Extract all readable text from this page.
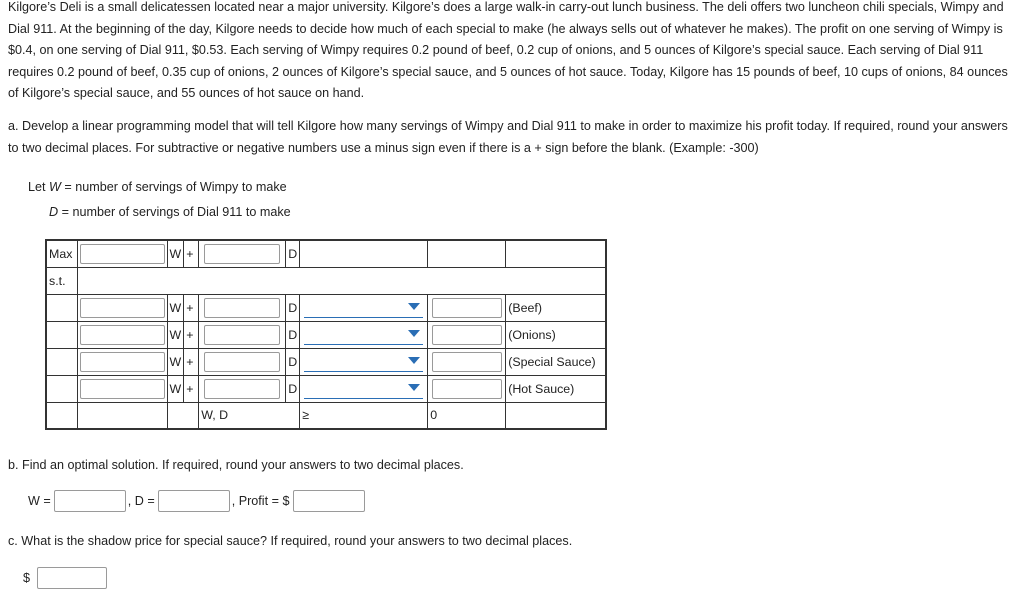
Kilgore’s Deli is a small delicatessen located near a major university. Kilgore’s does a large walk-in carry-out lunch business. The deli offers two luncheon chili specials, Wimpy and Dial 911. At the beginning of the day, Kilgore needs to decide how much of each special to make (he always sells out of whatever he makes). The profit on one serving of Wimpy is $0.4, on one serving of Dial 911, $0.53. Each serving of Wimpy requires 0.2 pound of beef, 0.2 cup of onions, and 5 ounces of Kilgore’s special sauce. Each serving of Dial 911 requires 0.2 pound of beef, 0.35 cup of onions, 2 ounces of Kilgore’s special sauce, and 5 ounces of hot sauce. Today, Kilgore has 15 pounds of beef, 10 cups of onions, 84 ounces of Kilgore’s special sauce, and 55 ounces of hot sauce on hand.

a. Develop a linear programming model that will tell Kilgore how many servings of Wimpy and Dial 911 to make in order to maximize his profit today. If required, round your answers to two decimal places. For subtractive or negative numbers use a minus sign even if there is a + sign before the blank. (Example: -300)

Let W = number of servings of Wimpy to make
D = number of servings of Dial 911 to make
Max		W	+		D			
s.t.								

	W	+		D			(Beef)

	W	+		D			(Onions)

	W	+		D			(Special Sauce)

	W	+		D			(Hot Sauce)
				W, D		≥	0	

b. Find an optimal solution. If required, round your answers to two decimal places.

W =	, D =	, Profit = $

c. What is the shadow price for special sauce? If required, round your answers to two decimal places.

$
